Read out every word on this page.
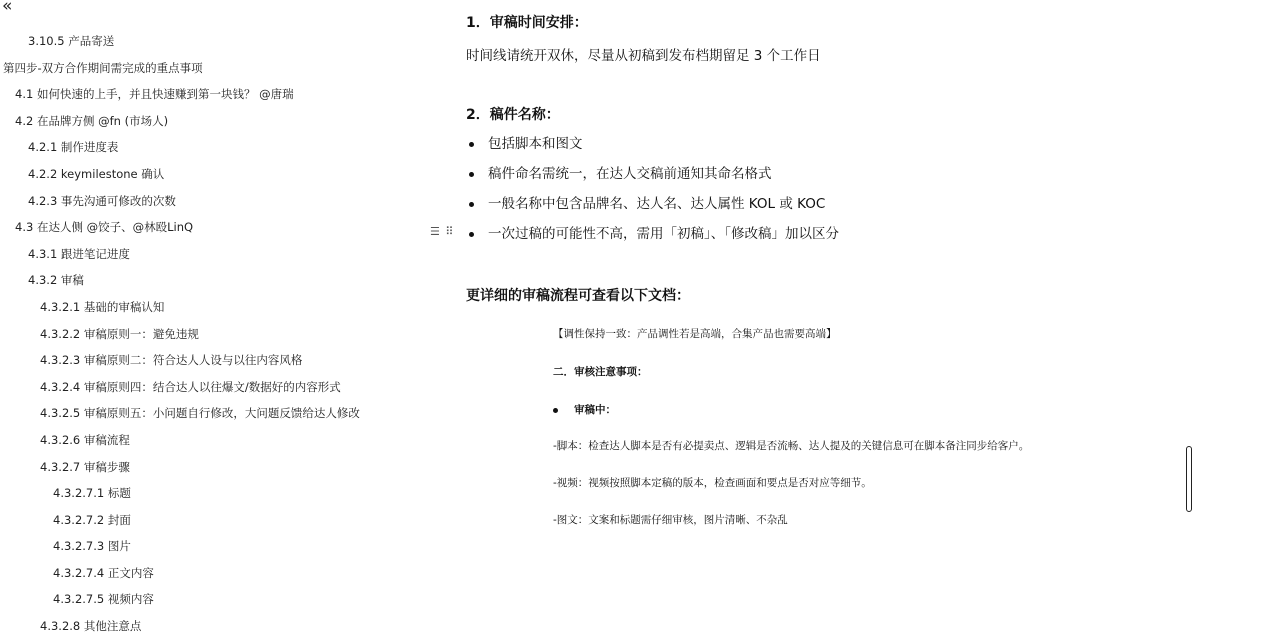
«
3.10.5 产品寄送
第四步-双方合作期间需完成的重点事项
4.1 如何快速的上手，并且快速赚到第一块钱？ @唐瑞
4.2 在品牌方侧 @fn (市场人)
4.2.1 制作进度表
4.2.2 keymilestone 确认
4.2.3 事先沟通可修改的次数
4.3 在达人侧 @饺子、@林殴LinQ
4.3.1 跟进笔记进度
4.3.2 审稿
4.3.2.1 基础的审稿认知
4.3.2.2 审稿原则一：避免违规
4.3.2.3 审稿原则二：符合达人人设与以往内容风格
4.3.2.4 审稿原则四：结合达人以往爆文/数据好的内容形式
4.3.2.5 审稿原则五：小问题自行修改，大问题反馈给达人修改
4.3.2.6 审稿流程
4.3.2.7 审稿步骤
4.3.2.7.1 标题
4.3.2.7.2 封面
4.3.2.7.3 图片
4.3.2.7.4 正文内容
4.3.2.7.5 视频内容
4.3.2.8 其他注意点
1．审稿时间安排：
时间线请统开双休，尽量从初稿到发布档期留足 3 个工作日
2．稿件名称：
包括脚本和图文
稿件命名需统一，在达人交稿前通知其命名格式
一般名称中包含品牌名、达人名、达人属性 KOL 或 KOC
一次过稿的可能性不高，需用「初稿」、「修改稿」加以区分
☰ ⠿
更详细的审稿流程可查看以下文档：
【调性保持一致：产品调性若是高端，合集产品也需要高端】
二．审核注意事项：
审稿中：
-脚本：检查达人脚本是否有必提卖点、逻辑是否流畅、达人提及的关键信息可在脚本备注同步给客户。
-视频：视频按照脚本定稿的版本，检查画面和要点是否对应等细节。
-图文：文案和标题需仔细审核，图片清晰、不杂乱
